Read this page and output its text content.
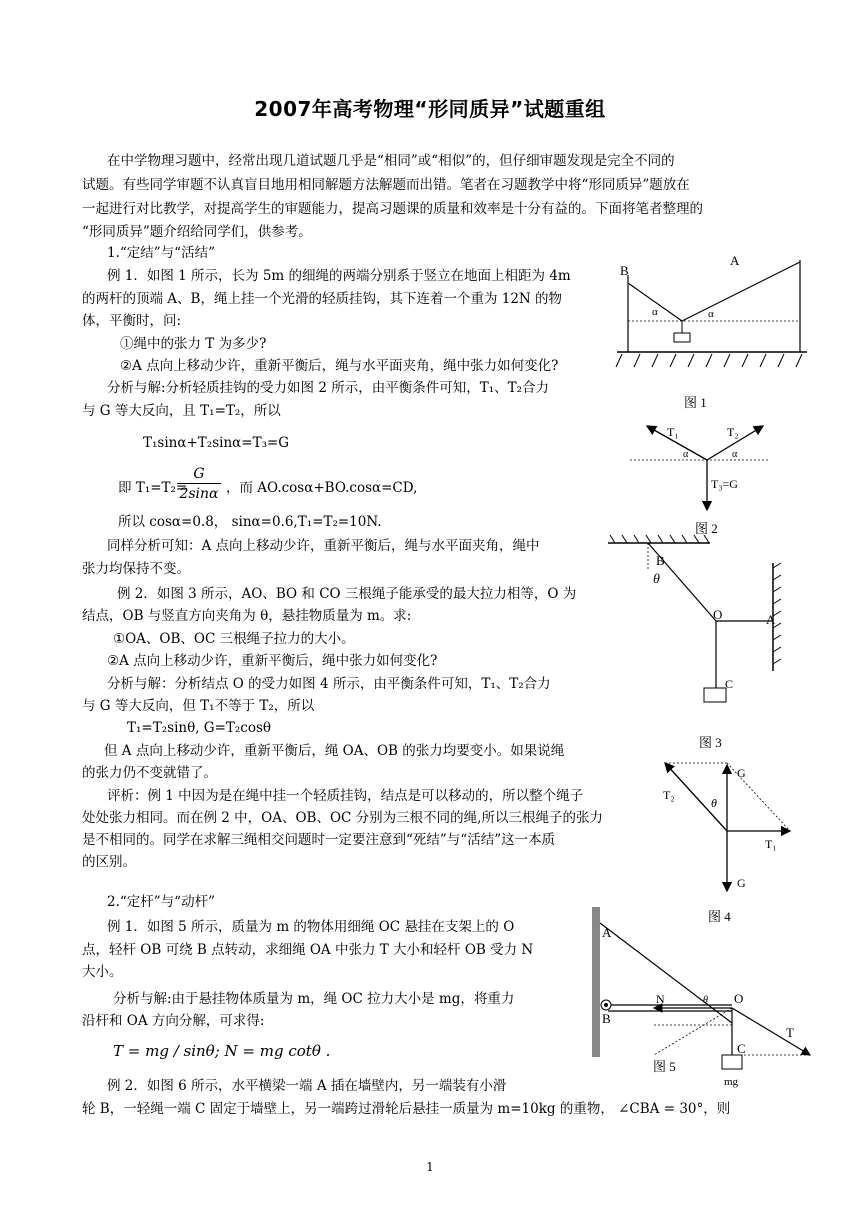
2007年高考物理“形同质异”试题重组
在中学物理习题中，经常出现几道试题几乎是“相同”或“相似”的，但仔细审题发现是完全不同的
试题。有些同学审题不认真盲目地用相同解题方法解题而出错。笔者在习题教学中将“形同质异”题放在
一起进行对比教学，对提高学生的审题能力，提高习题课的质量和效率是十分有益的。下面将笔者整理的
“形同质异”题介绍给同学们，供参考。
1.“定结”与“活结”
例 1．如图 1 所示，长为 5m 的细绳的两端分别系于竖立在地面上相距为 4m
的两杆的顶端 A、B，绳上挂一个光滑的轻质挂钩，其下连着一个重为 12N 的物
体，平衡时，问:
①绳中的张力 T 为多少?
②A 点向上移动少许，重新平衡后，绳与水平面夹角，绳中张力如何变化?
分析与解:分析轻质挂钩的受力如图 2 所示，由平衡条件可知，T₁、T₂合力
与 G 等大反向，且 T₁=T₂，所以
T₁sinα+T₂sinα=T₃=G
即 T₁=T₂=
$\frac{G}{2\sin\alpha}$ ，而 AO.cosα+BO.cosα=CD,
所以 cosα=0.8， sinα=0.6,T₁=T₂=10N.
同样分析可知：A 点向上移动少许，重新平衡后，绳与水平面夹角，绳中
张力均保持不变。
例 2．如图 3 所示，AO、BO 和 CO 三根绳子能承受的最大拉力相等，O 为
结点，OB 与竖直方向夹角为 θ，悬挂物质量为 m。求:
①OA、OB、OC 三根绳子拉力的大小。
②A 点向上移动少许，重新平衡后，绳中张力如何变化?
分析与解：分析结点 O 的受力如图 4 所示，由平衡条件可知，T₁、T₂合力
与 G 等大反向，但 T₁不等于 T₂，所以
T₁=T₂sinθ, G=T₂cosθ
但 A 点向上移动少许，重新平衡后，绳 OA、OB 的张力均要变小。如果说绳
的张力仍不变就错了。
评析：例 1 中因为是在绳中挂一个轻质挂钩，结点是可以移动的，所以整个绳子
处处张力相同。而在例 2 中，OA、OB、OC 分别为三根不同的绳,所以三根绳子的张力
是不相同的。同学在求解三绳相交问题时一定要注意到“死结”与“活结”这一本质
的区别。
2.“定杆”与“动杆”
例 1．如图 5 所示，质量为 m 的物体用细绳 OC 悬挂在支架上的 O
点，轻杆 OB 可绕 B 点转动，求细绳 OA 中张力 T 大小和轻杆 OB 受力 N
大小。
分析与解:由于悬挂物体质量为 m，绳 OC 拉力大小是 mg，将重力
沿杆和 OA 方向分解，可求得:
T = mg / sinθ; N = mg cotθ .
例 2．如图 6 所示，水平横梁一端 A 插在墙壁内，另一端装有小滑
轮 B，一轻绳一端 C 固定于墙壁上，另一端跨过滑轮后悬挂一质量为 m=10kg 的重物， ∠CBA = 30°，则
A
B
α	α
图 1
T₁	T₂
α	α
T₃=G
图 2
B
θ
O	A
C
图 3
G
T₂
θ
T₁
G
图 4
A
N	θ O
B
T
C
mg
图 5
1
